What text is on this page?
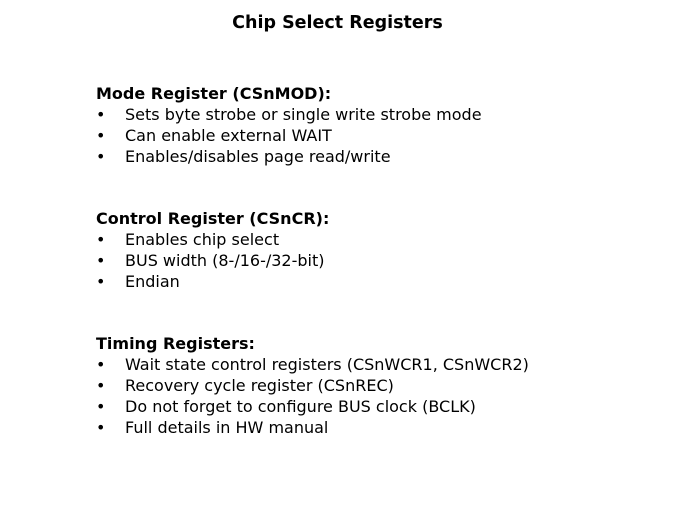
Chip Select Registers
Mode Register (CSnMOD):
• Sets byte strobe or single write strobe mode
• Can enable external WAIT
• Enables/disables page read/write
Control Register (CSnCR):
• Enables chip select
• BUS width (8-/16-/32-bit)
• Endian
Timing Registers:
• Wait state control registers (CSnWCR1, CSnWCR2)
• Recovery cycle register (CSnREC)
• Do not forget to configure BUS clock (BCLK)
• Full details in HW manual
